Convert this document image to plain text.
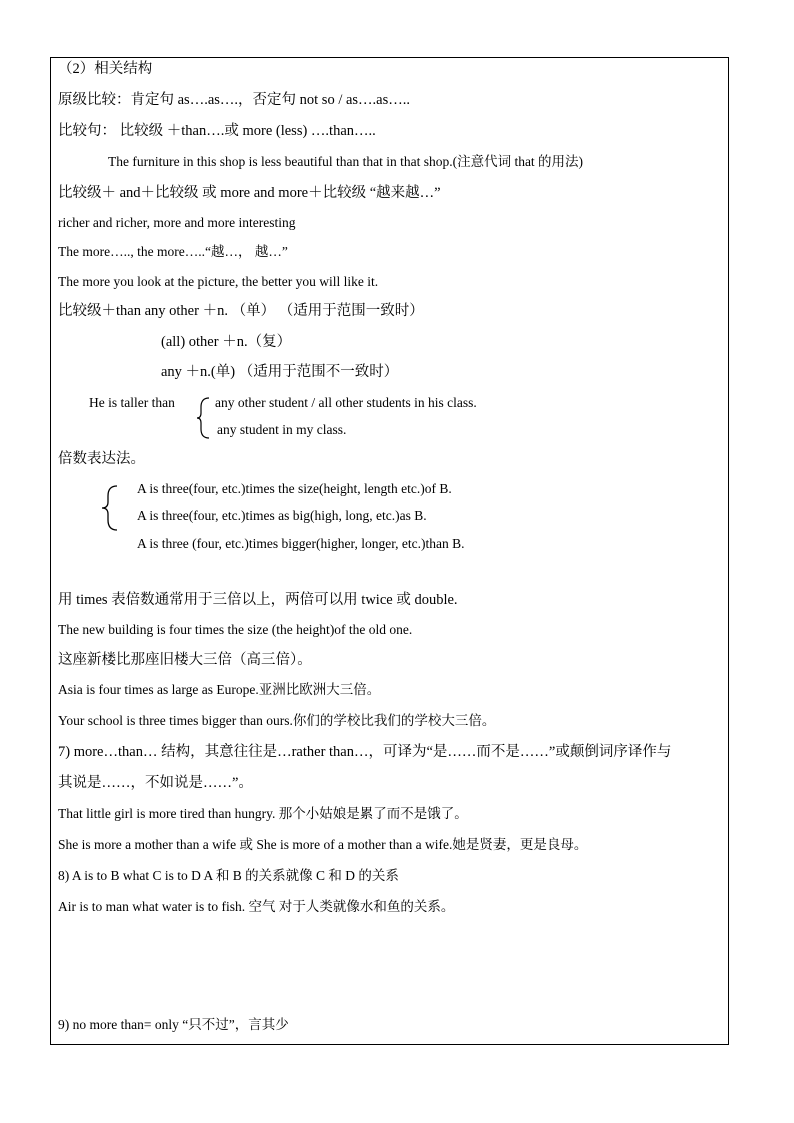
（2）相关结构
原级比较：肯定句 as….as….，否定句 not so / as….as…..
比较句： 比较级 ＋than….或 more (less) ….than…..
The furniture in this shop is less beautiful than that in that shop.(注意代词 that 的用法)
比较级＋ and＋比较级 或 more and more＋比较级 “越来越…”
richer and richer, more and more interesting
The more….., the more…..“越…， 越…”
The more you look at the picture, the better you will like it.
比较级＋than any other ＋n. （单） （适用于范围一致时）
(all) other ＋n.（复）
any ＋n.(单) （适用于范围不一致时）
He is taller than	any other student / all other students in his class.
any student in my class.
倍数表达法。
A is three(four, etc.)times the size(height, length etc.)of B.
A is three(four, etc.)times as big(high, long, etc.)as B.
A is three (four, etc.)times bigger(higher, longer, etc.)than B.
用 times 表倍数通常用于三倍以上，两倍可以用 twice 或 double.
The new building is four times the size (the height)of the old one.
这座新楼比那座旧楼大三倍（高三倍）。
Asia is four times as large as Europe.亚洲比欧洲大三倍。
Your school is three times bigger than ours.你们的学校比我们的学校大三倍。
7) more…than… 结构，其意往往是…rather than…，可译为“是……而不是……”或颠倒词序译作与
其说是……，不如说是……”。
That little girl is more tired than hungry. 那个小姑娘是累了而不是饿了。
She is more a mother than a wife 或 She is more of a mother than a wife.她是贤妻，更是良母。
8) A is to B what C is to D A 和 B 的关系就像 C 和 D 的关系
Air is to man what water is to fish. 空气 对于人类就像水和鱼的关系。
9) no more than= only “只不过”，言其少
